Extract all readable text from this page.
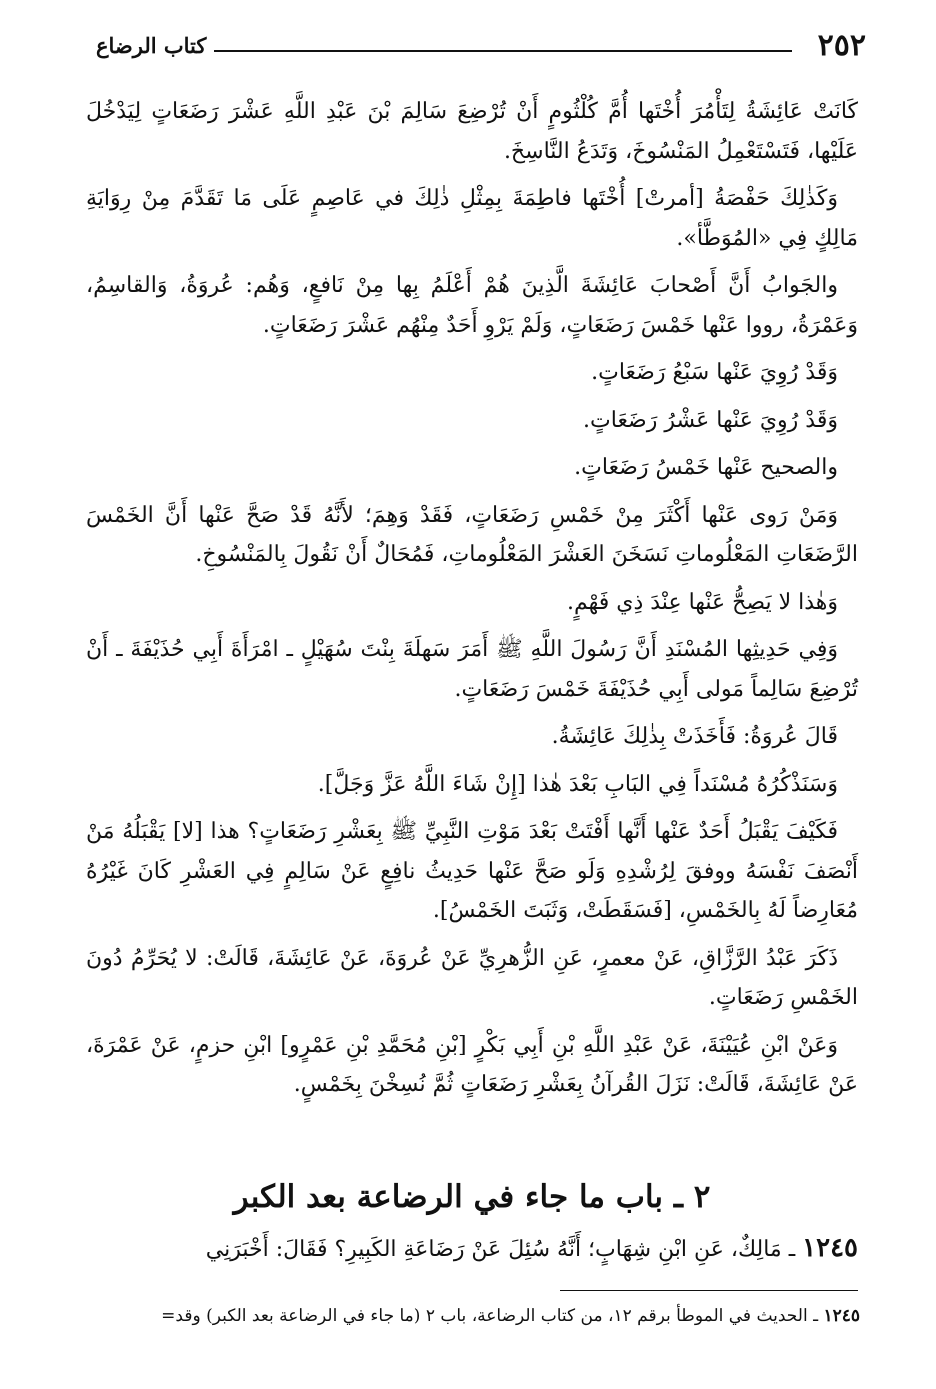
٢٥٢
كتاب الرضاع

كَانَتْ عَائِشَةُ لِتَأْمُرَ أُخْتَها أُمَّ كُلْثُومٍ أَنْ تُرْضِعَ سَالِمَ بْنَ عَبْدِ اللَّهِ عَشْرَ رَضَعَاتٍ لِيَدْخُلَ عَلَيْها، فَتَسْتَعْمِلُ المَنْسُوخَ، وَتَدَعُ النَّاسِخَ.

وَكَذٰلِكَ حَفْصَةُ [أمرتْ] أُخْتَها فاطِمَةَ بِمِثْلِ ذٰلِكَ في عَاصِمٍ عَلَى مَا تَقَدَّمَ مِنْ رِوَايَةِ مَالِكٍ فِي «المُوَطَّأ».

والجَوابُ أَنَّ أَصْحابَ عَائِشَةَ الَّذِينَ هُمْ أَعْلَمُ بِها مِنْ نَافعٍ، وَهُم: عُروَةُ، وَالقاسِمُ، وَعَمْرَةُ، رووا عَنْها خَمْسَ رَضَعَاتٍ، وَلَمْ يَرْوِ أَحَدٌ مِنْهُم عَشْرَ رَضَعَاتٍ.

وَقَدْ رُوِيَ عَنْها سَبْعُ رَضَعَاتٍ.

وَقَدْ رُوِيَ عَنْها عَشْرُ رَضَعَاتٍ.

والصحيح عَنْها خَمْسُ رَضَعَاتٍ.

وَمَنْ رَوى عَنْها أَكْثَرَ مِنْ خَمْسِ رَضَعَاتٍ، فَقَدْ وَهِمَ؛ لأَنَّهُ قَدْ صَحَّ عَنْها أَنَّ الخَمْسَ الرَّضَعَاتِ المَعْلُوماتِ نَسَخَنَ العَشْرَ المَعْلُوماتِ، فَمُحَالٌ أَنْ نَقُولَ بِالمَنْسُوخِ.

وَهٰذا لا يَصِحُّ عَنْها عِنْدَ ذِي فَهْمٍ.

وَفِي حَدِيثِها المُسْنَدِ أَنَّ رَسُولَ اللَّهِ ﷺ أَمَرَ سَهلَةَ بِنْتَ سُهَيْلٍ ـ امْرَأَةَ أَبِي حُذَيْفَةَ ـ أَنْ تُرْضِعَ سَالِماً مَولى أَبِي حُذَيْفَةَ خَمْسَ رَضَعَاتٍ.

قَالَ عُروَةُ: فَأَخَذَتْ بِذٰلِكَ عَائِشَةُ.

وَسَنَذْكُرُهُ مُسْنَداً فِي البَابِ بَعْدَ هٰذا [إِنْ شَاءَ اللَّهُ عَزَّ وَجَلَّ].

فَكَيْفَ يَقْبَلُ أَحَدٌ عَنْها أَنَّها أَفْتَتْ بَعْدَ مَوْتِ النَّبِيِّ ﷺ بِعَشْرِ رَضَعَاتٍ؟ هذا [لا] يَقْبَلُهُ مَنْ أَنْصَفَ نَفْسَهُ ووفقَ لِرُشْدِهِ وَلَو صَحَّ عَنْها حَدِيثُ نافِعٍ عَنْ سَالِمٍ فِي العَشْرِ كَانَ غَيْرُهُ مُعَارِضاً لَهُ بِالخَمْسِ، [فَسَقَطَتْ، وَثَبَتَ الخَمْسُ].

ذَكَرَ عَبْدُ الرَّزَّاقِ، عَنْ معمرٍ، عَنِ الزُّهرِيِّ عَنْ عُروَةَ، عَنْ عَائِشَةَ، قَالَتْ: لا يُحَرِّمُ دُونَ الخَمْسِ رَضَعَاتٍ.

وَعَنْ ابْنِ عُيَيْنَةَ، عَنْ عَبْدِ اللَّهِ بْنِ أَبِي بَكْرٍ [بْنِ مُحَمَّدِ بْنِ عَمْرٍو] ابْنِ حزمٍ، عَنْ عَمْرَةَ، عَنْ عَائِشَةَ، قَالَتْ: نَزَلَ القُرآنُ بِعَشْرِ رَضَعَاتٍ ثُمَّ نُسِخْنَ بِخَمْسٍ.

٢ ـ باب ما جاء في الرضاعة بعد الكبر
١٢٤٥ ـ مَالِكٌ، عَنِ ابْنِ شِهَابٍ؛ أَنَّهُ سُئِلَ عَنْ رَضَاعَةِ الكَبِيرِ؟ فَقَالَ: أَخْبَرَنِي
١٢٤٥ ـ الحديث في الموطأ برقم ١٢، من كتاب الرضاعة، باب ٢ (ما جاء في الرضاعة بعد الكبر) وقد=
